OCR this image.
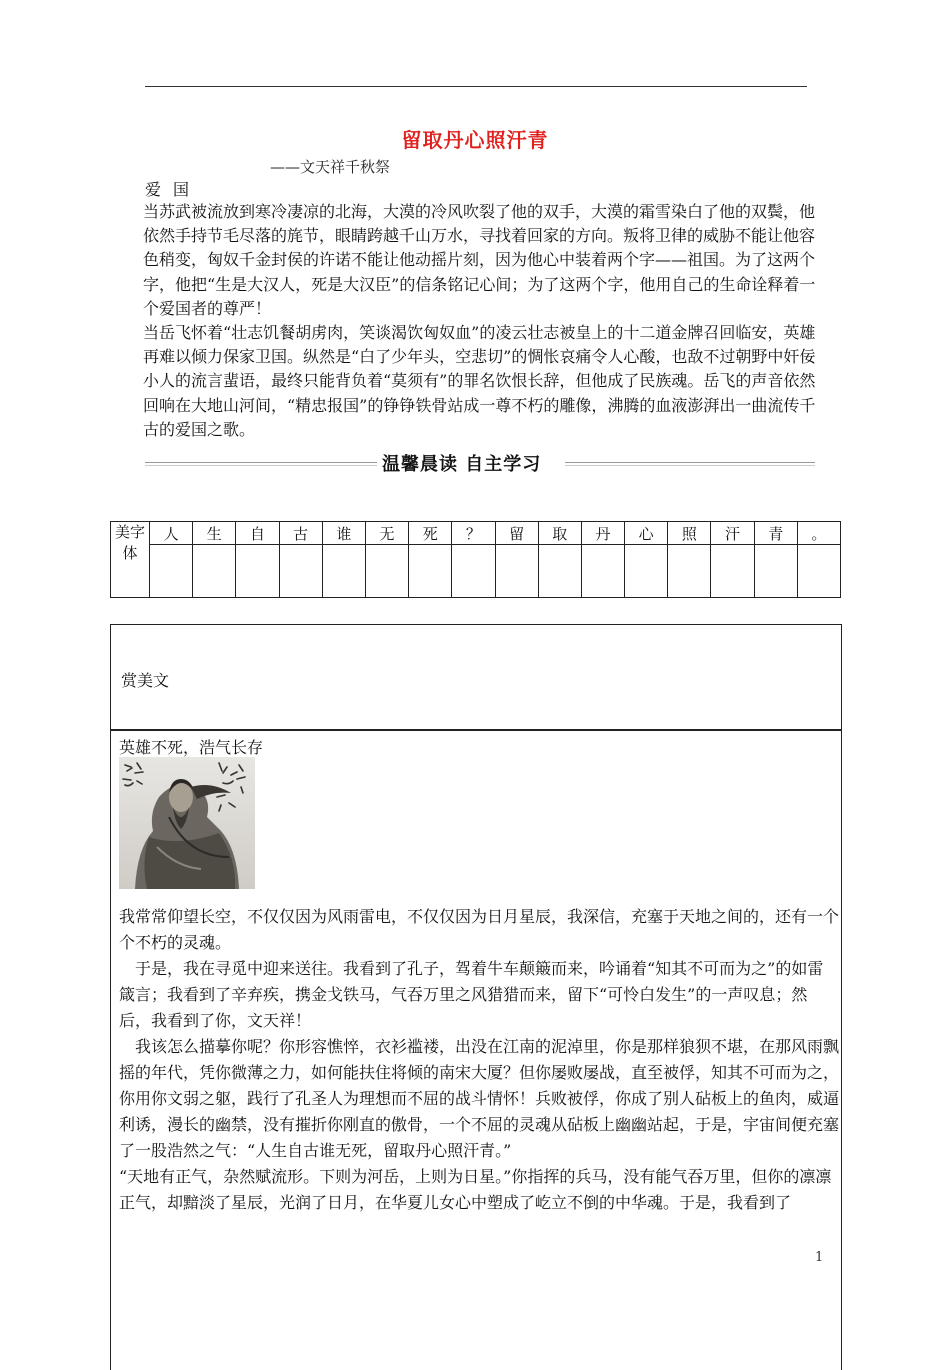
留取丹心照汗青
——文天祥千秋祭
爱国

当苏武被流放到寒冷凄凉的北海，大漠的冷风吹裂了他的双手，大漠的霜雪染白了他的双鬓，他依然手持节毛尽落的旄节，眼睛跨越千山万水，寻找着回家的方向。叛将卫律的威胁不能让他容色稍变，匈奴千金封侯的许诺不能让他动摇片刻，因为他心中装着两个字——祖国。为了这两个字，他把“生是大汉人，死是大汉臣”的信条铭记心间；为了这两个字，他用自己的生命诠释着一个爱国者的尊严！

当岳飞怀着“壮志饥餐胡虏肉，笑谈渴饮匈奴血”的凌云壮志被皇上的十二道金牌召回临安，英雄再难以倾力保家卫国。纵然是“白了少年头，空悲切”的惆怅哀痛令人心酸，也敌不过朝野中奸佞小人的流言蜚语，最终只能背负着“莫须有”的罪名饮恨长辞，但他成了民族魂。岳飞的声音依然回响在大地山河间，“精忠报国”的铮铮铁骨站成一尊不朽的雕像，沸腾的血液澎湃出一曲流传千古的爱国之歌。

温馨晨读 自主学习
美字体	人	生	自	古	谁	无	死	？	留	取	丹	心	照	汗	青	。

赏美文
英雄不死，浩气长存

我常常仰望长空，不仅仅因为风雨雷电，不仅仅因为日月星辰，我深信，充塞于天地之间的，还有一个个不朽的灵魂。

　于是，我在寻觅中迎来送往。我看到了孔子，驾着牛车颠簸而来，吟诵着“知其不可而为之”的如雷箴言；我看到了辛弃疾，携金戈铁马，气吞万里之风猎猎而来，留下“可怜白发生”的一声叹息；然后，我看到了你，文天祥！

　我该怎么描摹你呢？你形容憔悴，衣衫褴褛，出没在江南的泥淖里，你是那样狼狈不堪，在那风雨飘摇的年代，凭你微薄之力，如何能扶住将倾的南宋大厦？但你屡败屡战，直至被俘，知其不可而为之，你用你文弱之躯，践行了孔圣人为理想而不屈的战斗情怀！兵败被俘，你成了别人砧板上的鱼肉，威逼利诱，漫长的幽禁，没有摧折你刚直的傲骨，一个不屈的灵魂从砧板上幽幽站起，于是，宇宙间便充塞了一股浩然之气：“人生自古谁无死，留取丹心照汗青。”

“天地有正气，杂然赋流形。下则为河岳，上则为日星。”你指挥的兵马，没有能气吞万里，但你的凛凛正气，却黯淡了星辰，光润了日月，在华夏儿女心中塑成了屹立不倒的中华魂。于是，我看到了

1
